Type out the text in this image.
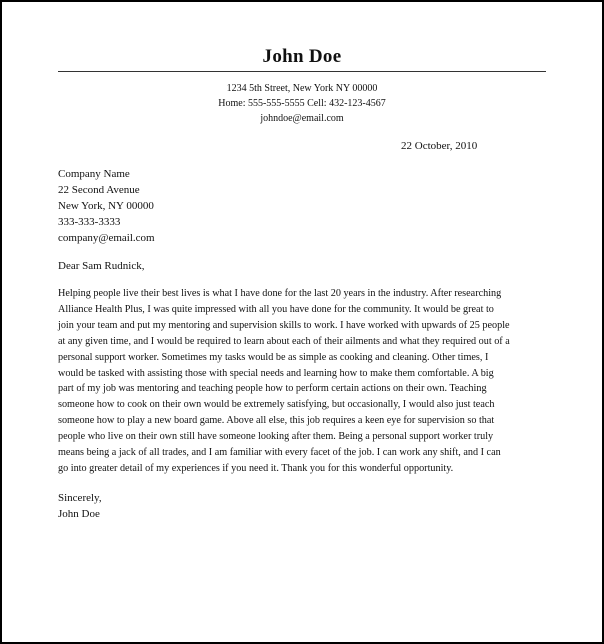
John Doe
1234 5th Street, New York NY 00000
Home: 555-555-5555 Cell: 432-123-4567
johndoe@email.com
22 October, 2010
Company Name
22 Second Avenue
New York, NY 00000
333-333-3333
company@email.com
Dear Sam Rudnick,
Helping people live their best lives is what I have done for the last 20 years in the industry. After researching
Alliance Health Plus, I was quite impressed with all you have done for the community. It would be great to
join your team and put my mentoring and supervision skills to work. I have worked with upwards of 25 people
at any given time, and I would be required to learn about each of their ailments and what they required out of a
personal support worker. Sometimes my tasks would be as simple as cooking and cleaning. Other times, I
would be tasked with assisting those with special needs and learning how to make them comfortable. A big
part of my job was mentoring and teaching people how to perform certain actions on their own. Teaching
someone how to cook on their own would be extremely satisfying, but occasionally, I would also just teach
someone how to play a new board game. Above all else, this job requires a keen eye for supervision so that
people who live on their own still have someone looking after them. Being a personal support worker truly
means being a jack of all trades, and I am familiar with every facet of the job. I can work any shift, and I can
go into greater detail of my experiences if you need it. Thank you for this wonderful opportunity.
Sincerely,
John Doe
